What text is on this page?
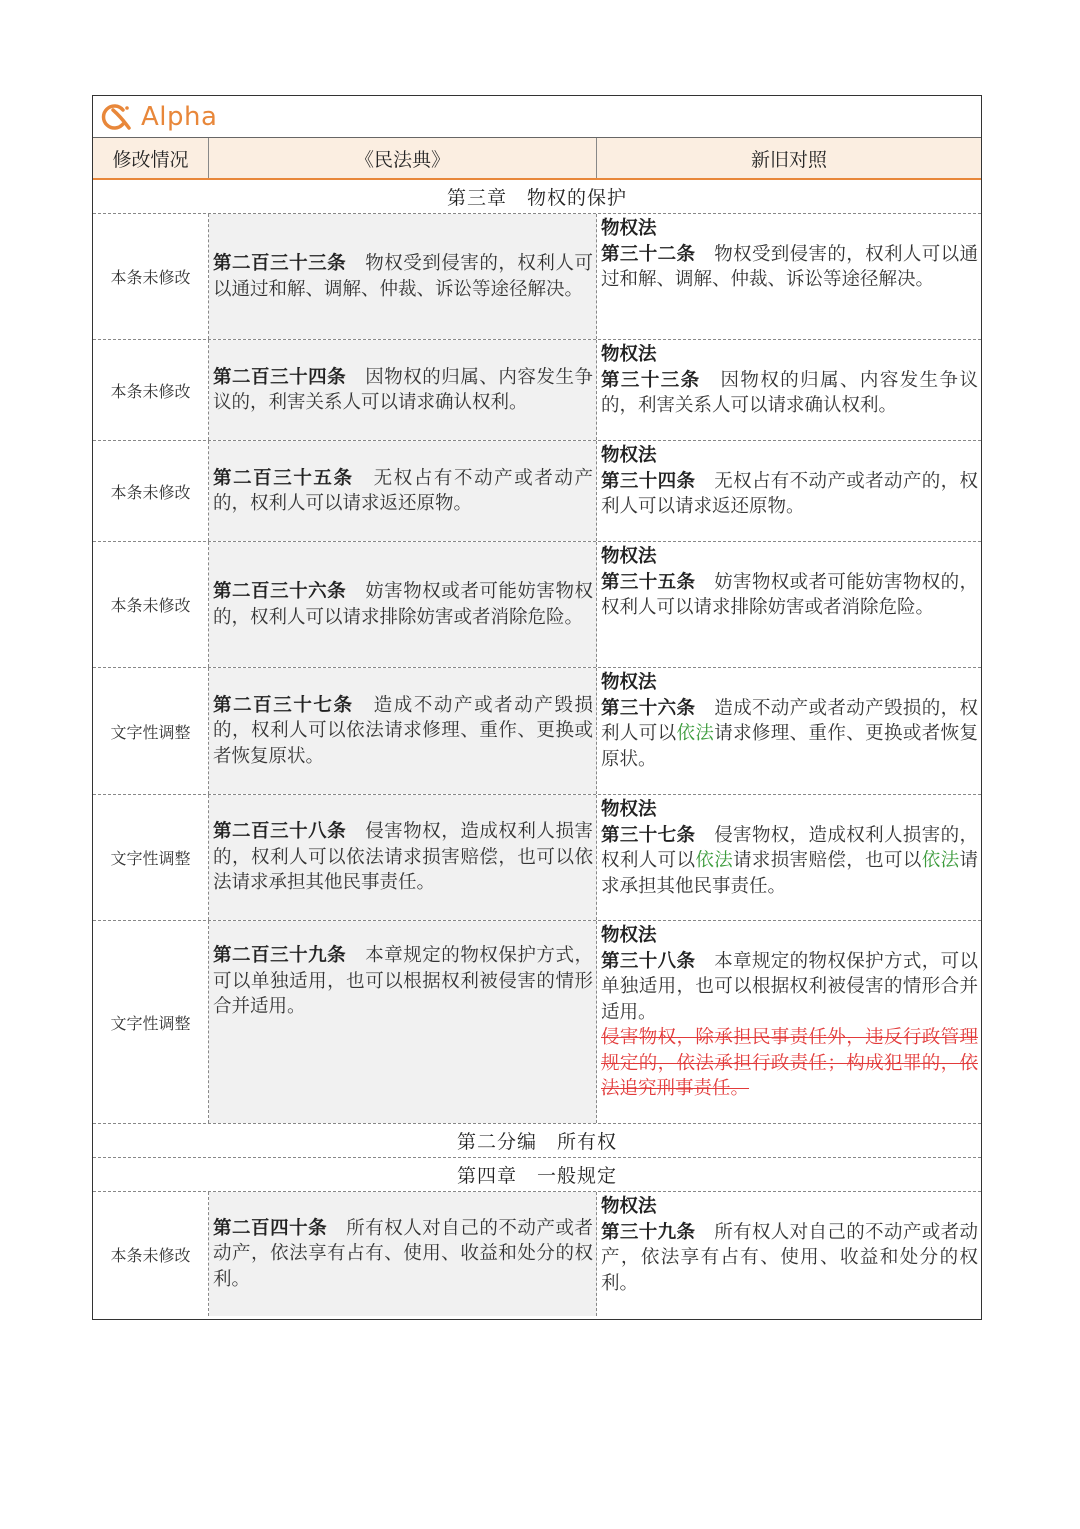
Alpha
修改情况	《民法典》	新旧对照
第三章　物权的保护
本条未修改
第二百三十三条　物权受到侵害的，权利人可以通过和解、调解、仲裁、诉讼等途径解决。
物权法
第三十二条　物权受到侵害的，权利人可以通过和解、调解、仲裁、诉讼等途径解决。
本条未修改
第二百三十四条　因物权的归属、内容发生争议的，利害关系人可以请求确认权利。
物权法
第三十三条　因物权的归属、内容发生争议的，利害关系人可以请求确认权利。
本条未修改
第二百三十五条　无权占有不动产或者动产的，权利人可以请求返还原物。
物权法
第三十四条　无权占有不动产或者动产的，权利人可以请求返还原物。
本条未修改
第二百三十六条　妨害物权或者可能妨害物权的，权利人可以请求排除妨害或者消除危险。
物权法
第三十五条　妨害物权或者可能妨害物权的，权利人可以请求排除妨害或者消除危险。
文字性调整
第二百三十七条　造成不动产或者动产毁损的，权利人可以依法请求修理、重作、更换或者恢复原状。
物权法
第三十六条　造成不动产或者动产毁损的，权利人可以依法请求修理、重作、更换或者恢复原状。
文字性调整
第二百三十八条　侵害物权，造成权利人损害的，权利人可以依法请求损害赔偿，也可以依法请求承担其他民事责任。
物权法
第三十七条　侵害物权，造成权利人损害的，权利人可以依法请求损害赔偿，也可以依法请求承担其他民事责任。
文字性调整
第二百三十九条　本章规定的物权保护方式，可以单独适用，也可以根据权利被侵害的情形合并适用。
物权法
第三十八条　本章规定的物权保护方式，可以单独适用，也可以根据权利被侵害的情形合并适用。
侵害物权，除承担民事责任外，违反行政管理规定的，依法承担行政责任；构成犯罪的，依法追究刑事责任。
第二分编　所有权
第四章　一般规定
本条未修改
第二百四十条　所有权人对自己的不动产或者动产，依法享有占有、使用、收益和处分的权利。
物权法
第三十九条　所有权人对自己的不动产或者动产，依法享有占有、使用、收益和处分的权利。
